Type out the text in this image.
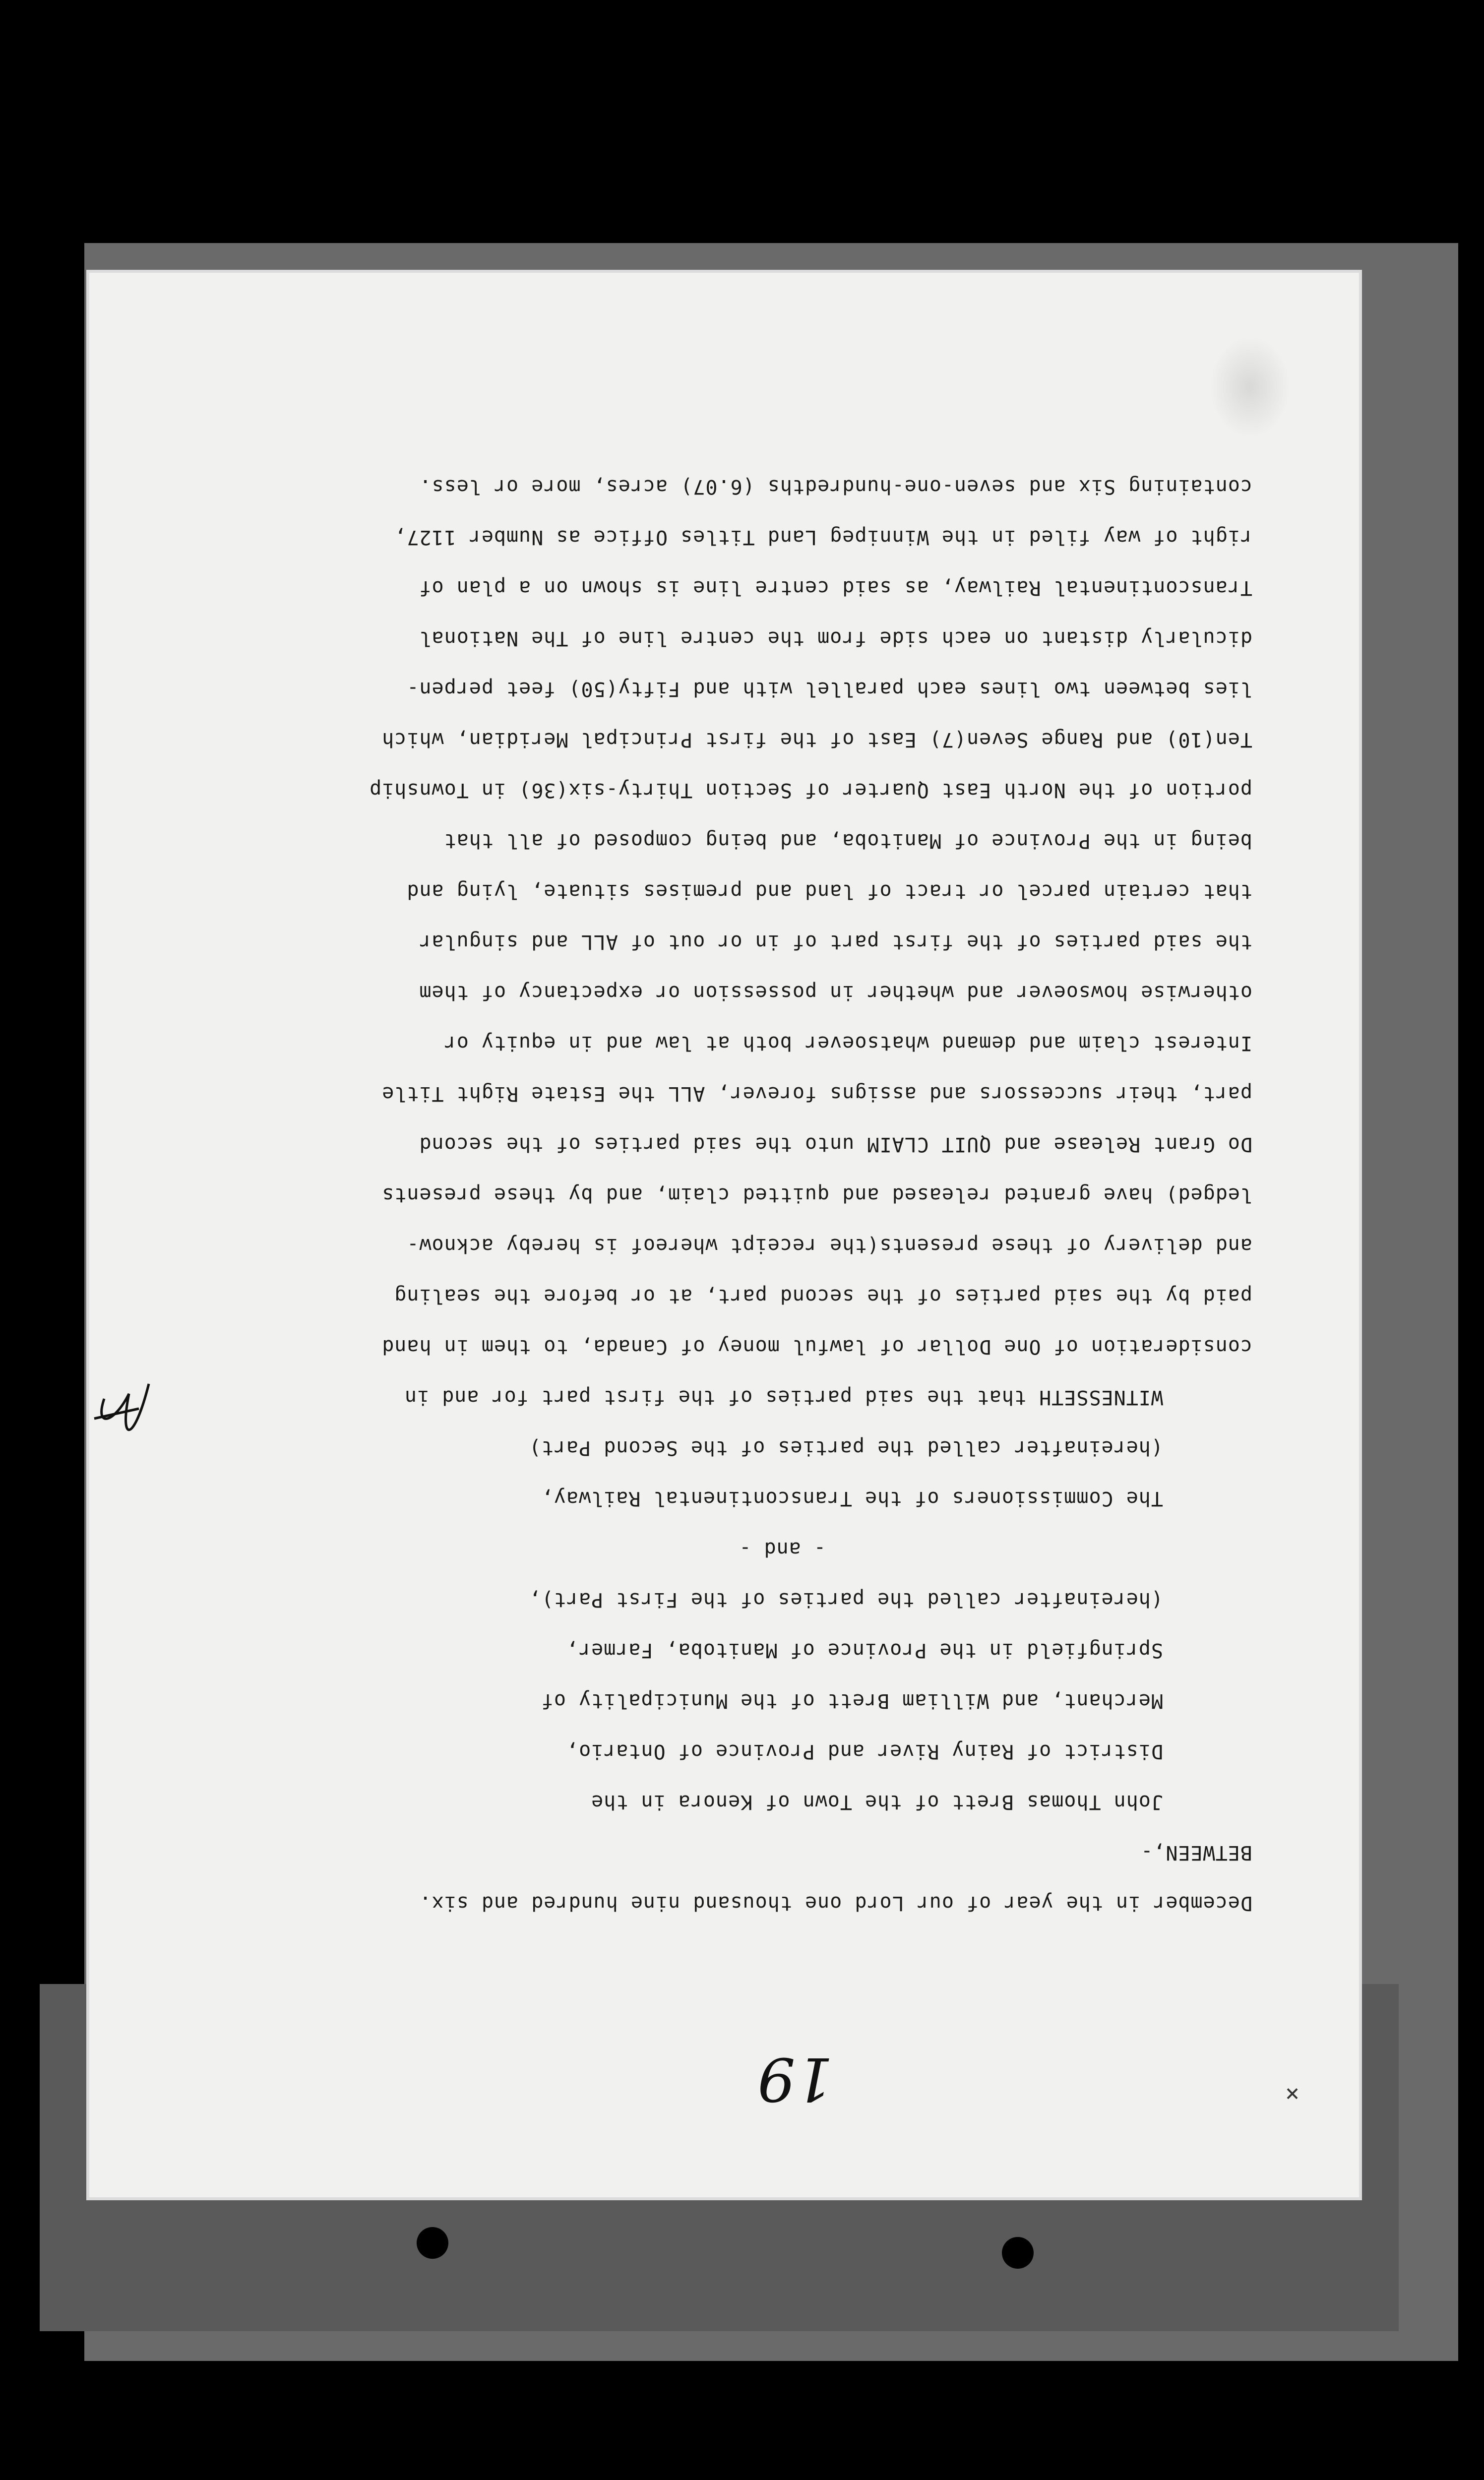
×
19

December in the year of our Lord one thousand nine hundred and six.
BETWEEN,-
John Thomas Brett of the Town of Kenora in the
District of Rainy River and Province of Ontario,
Merchant, and William Brett of the Municipality of
Springfield in the Province of Manitoba, Farmer,
(hereinafter called the parties of the First Part),
- and -
The Commissioners of the Transcontinental Railway,
(hereinafter called the parties of the Second Part)
WITNESSETH that the said parties of the first part for and in
consideration of One Dollar of lawful money of Canada, to them in hand
paid by the said parties of the second part, at or before the sealing
and delivery of these presents(the receipt whereof is hereby acknow-
ledged) have granted released and quitted claim, and by these presents
Do Grant Release and QUIT CLAIM unto the said parties of the second
part, their successors and assigns forever, ALL the Estate Right Title
Interest claim and demand whatsoever both at law and in equity or
otherwise howsoever and whether in possession or expectancy of them
the said parties of the first part of in or out of ALL and singular
that certain parcel or tract of land and premises situate, lying and
being in the Province of Manitoba, and being composed of all that
portion of the North East Quarter of Section Thirty-six(36) in Township
Ten(10) and Range Seven(7) East of the first Principal Meridian, which
lies between two lines each parallel with and Fifty(50) feet perpen-
dicularly distant on each side from the centre line of The National
Transcontinental Railway, as said centre line is shown on a plan of
right of way filed in the Winnipeg Land Titles Office as Number 1127,
containing Six and seven-one-hundredths (6.07) acres, more or less.
